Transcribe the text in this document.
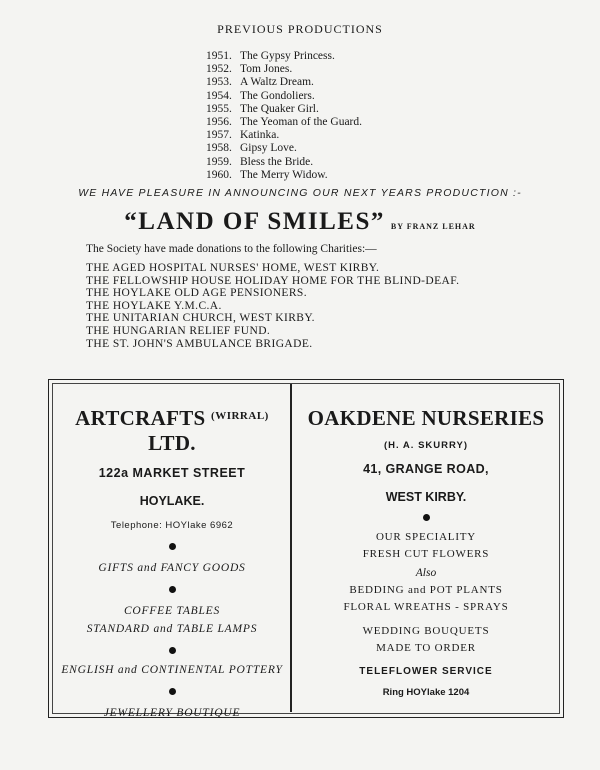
PREVIOUS PRODUCTIONS
1951. The Gypsy Princess.
1952. Tom Jones.
1953. A Waltz Dream.
1954. The Gondoliers.
1955. The Quaker Girl.
1956. The Yeoman of the Guard.
1957. Katinka.
1958. Gipsy Love.
1959. Bless the Bride.
1960. The Merry Widow.
WE HAVE PLEASURE IN ANNOUNCING OUR NEXT YEARS PRODUCTION :-
“LAND OF SMILES” BY FRANZ LEHAR
The Society have made donations to the following Charities:—
THE AGED HOSPITAL NURSES' HOME, WEST KIRBY.
THE FELLOWSHIP HOUSE HOLIDAY HOME FOR THE BLIND-DEAF.
THE HOYLAKE OLD AGE PENSIONERS.
THE HOYLAKE Y.M.C.A.
THE UNITARIAN CHURCH, WEST KIRBY.
THE HUNGARIAN RELIEF FUND.
THE ST. JOHN'S AMBULANCE BRIGADE.
ARTCRAFTS $^{(WIRRAL)}$ LTD.
122a MARKET STREET
HOYLAKE.
Telephone: HOYlake 6962
GIFTS and FANCY GOODS
COFFEE TABLES
STANDARD and TABLE LAMPS
ENGLISH and CONTINENTAL POTTERY
JEWELLERY BOUTIQUE
OAKDENE NURSERIES
(H. A. SKURRY)
41, GRANGE ROAD,
WEST KIRBY.
OUR SPECIALITY
FRESH CUT FLOWERS
Also
BEDDING and POT PLANTS
FLORAL WREATHS - SPRAYS
WEDDING BOUQUETS
MADE TO ORDER
TELEFLOWER SERVICE
Ring HOYlake 1204
